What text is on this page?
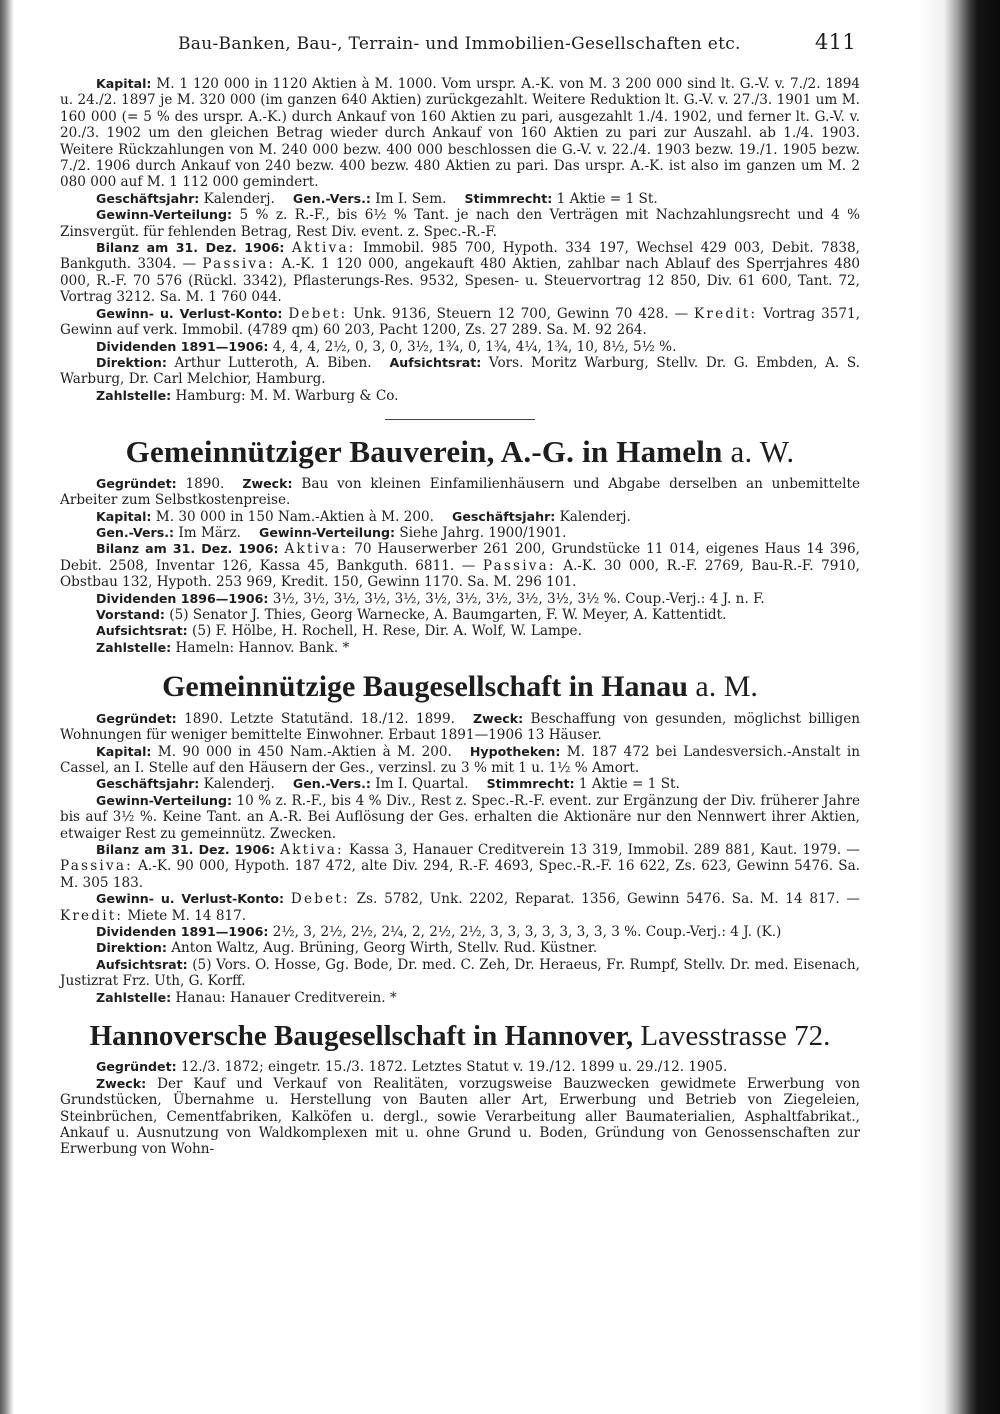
Bau-Banken, Bau-, Terrain- und Immobilien-Gesellschaften etc.	411

Kapital: M. 1 120 000 in 1120 Aktien à M. 1000. Vom urspr. A.-K. von M. 3 200 000 sind lt. G.-V. v. 7./2. 1894 u. 24./2. 1897 je M. 320 000 (im ganzen 640 Aktien) zurückgezahlt. Weitere Reduktion lt. G.-V. v. 27./3. 1901 um M. 160 000 (= 5 % des urspr. A.-K.) durch Ankauf von 160 Aktien zu pari, ausgezahlt 1./4. 1902, und ferner lt. G.-V. v. 20./3. 1902 um den gleichen Betrag wieder durch Ankauf von 160 Aktien zu pari zur Auszahl. ab 1./4. 1903. Weitere Rückzahlungen von M. 240 000 bezw. 400 000 beschlossen die G.-V. v. 22./4. 1903 bezw. 19./1. 1905 bezw. 7./2. 1906 durch Ankauf von 240 bezw. 400 bezw. 480 Aktien zu pari. Das urspr. A.-K. ist also im ganzen um M. 2 080 000 auf M. 1 112 000 gemindert.

Geschäftsjahr: Kalenderj. Gen.-Vers.: Im I. Sem. Stimmrecht: 1 Aktie = 1 St.

Gewinn-Verteilung: 5 % z. R.-F., bis 6½ % Tant. je nach den Verträgen mit Nachzahlungsrecht und 4 % Zinsvergüt. für fehlenden Betrag, Rest Div. event. z. Spec.-R.-F.

Bilanz am 31. Dez. 1906: Aktiva: Immobil. 985 700, Hypoth. 334 197, Wechsel 429 003, Debit. 7838, Bankguth. 3304. — Passiva: A.-K. 1 120 000, angekauft 480 Aktien, zahlbar nach Ablauf des Sperrjahres 480 000, R.-F. 70 576 (Rückl. 3342), Pflasterungs-Res. 9532, Spesen- u. Steuervortrag 12 850, Div. 61 600, Tant. 72, Vortrag 3212. Sa. M. 1 760 044.

Gewinn- u. Verlust-Konto: Debet: Unk. 9136, Steuern 12 700, Gewinn 70 428. — Kredit: Vortrag 3571, Gewinn auf verk. Immobil. (4789 qm) 60 203, Pacht 1200, Zs. 27 289. Sa. M. 92 264.

Dividenden 1891—1906: 4, 4, 4, 2½, 0, 3, 0, 3½, 1¾, 0, 1¾, 4¼, 1¾, 10, 8½, 5½ %.

Direktion: Arthur Lutteroth, A. Biben. Aufsichtsrat: Vors. Moritz Warburg, Stellv. Dr. G. Embden, A. S. Warburg, Dr. Carl Melchior, Hamburg.

Zahlstelle: Hamburg: M. M. Warburg & Co.

Gemeinnütziger Bauverein, A.-G. in Hameln a. W.

Gegründet: 1890. Zweck: Bau von kleinen Einfamilienhäusern und Abgabe derselben an unbemittelte Arbeiter zum Selbstkostenpreise.

Kapital: M. 30 000 in 150 Nam.-Aktien à M. 200. Geschäftsjahr: Kalenderj.

Gen.-Vers.: Im März. Gewinn-Verteilung: Siehe Jahrg. 1900/1901.

Bilanz am 31. Dez. 1906: Aktiva: 70 Hauserwerber 261 200, Grundstücke 11 014, eigenes Haus 14 396, Debit. 2508, Inventar 126, Kassa 45, Bankguth. 6811. — Passiva: A.-K. 30 000, R.-F. 2769, Bau-R.-F. 7910, Obstbau 132, Hypoth. 253 969, Kredit. 150, Gewinn 1170. Sa. M. 296 101.

Dividenden 1896—1906: 3½, 3½, 3½, 3½, 3½, 3½, 3½, 3½, 3½, 3½, 3½ %. Coup.-Verj.: 4 J. n. F.

Vorstand: (5) Senator J. Thies, Georg Warnecke, A. Baumgarten, F. W. Meyer, A. Kattentidt.

Aufsichtsrat: (5) F. Hölbe, H. Rochell, H. Rese, Dir. A. Wolf, W. Lampe.

Zahlstelle: Hameln: Hannov. Bank. *

Gemeinnützige Baugesellschaft in Hanau a. M.

Gegründet: 1890. Letzte Statutänd. 18./12. 1899. Zweck: Beschaffung von gesunden, möglichst billigen Wohnungen für weniger bemittelte Einwohner. Erbaut 1891—1906 13 Häuser.

Kapital: M. 90 000 in 450 Nam.-Aktien à M. 200. Hypotheken: M. 187 472 bei Landesversich.-Anstalt in Cassel, an I. Stelle auf den Häusern der Ges., verzinsl. zu 3 % mit 1 u. 1½ % Amort.

Geschäftsjahr: Kalenderj. Gen.-Vers.: Im I. Quartal. Stimmrecht: 1 Aktie = 1 St.

Gewinn-Verteilung: 10 % z. R.-F., bis 4 % Div., Rest z. Spec.-R.-F. event. zur Ergänzung der Div. früherer Jahre bis auf 3½ %. Keine Tant. an A.-R. Bei Auflösung der Ges. erhalten die Aktionäre nur den Nennwert ihrer Aktien, etwaiger Rest zu gemeinnütz. Zwecken.

Bilanz am 31. Dez. 1906: Aktiva: Kassa 3, Hanauer Creditverein 13 319, Immobil. 289 881, Kaut. 1979. — Passiva: A.-K. 90 000, Hypoth. 187 472, alte Div. 294, R.-F. 4693, Spec.-R.-F. 16 622, Zs. 623, Gewinn 5476. Sa. M. 305 183.

Gewinn- u. Verlust-Konto: Debet: Zs. 5782, Unk. 2202, Reparat. 1356, Gewinn 5476. Sa. M. 14 817. — Kredit: Miete M. 14 817.

Dividenden 1891—1906: 2½, 3, 2½, 2½, 2¼, 2, 2½, 2½, 3, 3, 3, 3, 3, 3, 3, 3 %. Coup.-Verj.: 4 J. (K.)

Direktion: Anton Waltz, Aug. Brüning, Georg Wirth, Stellv. Rud. Küstner.

Aufsichtsrat: (5) Vors. O. Hosse, Gg. Bode, Dr. med. C. Zeh, Dr. Heraeus, Fr. Rumpf, Stellv. Dr. med. Eisenach, Justizrat Frz. Uth, G. Korff.

Zahlstelle: Hanau: Hanauer Creditverein. *

Hannoversche Baugesellschaft in Hannover, Lavesstrasse 72.

Gegründet: 12./3. 1872; eingetr. 15./3. 1872. Letztes Statut v. 19./12. 1899 u. 29./12. 1905.

Zweck: Der Kauf und Verkauf von Realitäten, vorzugsweise Bauzwecken gewidmete Erwerbung von Grundstücken, Übernahme u. Herstellung von Bauten aller Art, Erwerbung und Betrieb von Ziegeleien, Steinbrüchen, Cementfabriken, Kalköfen u. dergl., sowie Verarbeitung aller Baumaterialien, Asphaltfabrikat., Ankauf u. Ausnutzung von Waldkomplexen mit u. ohne Grund u. Boden, Gründung von Genossenschaften zur Erwerbung von Wohn-
